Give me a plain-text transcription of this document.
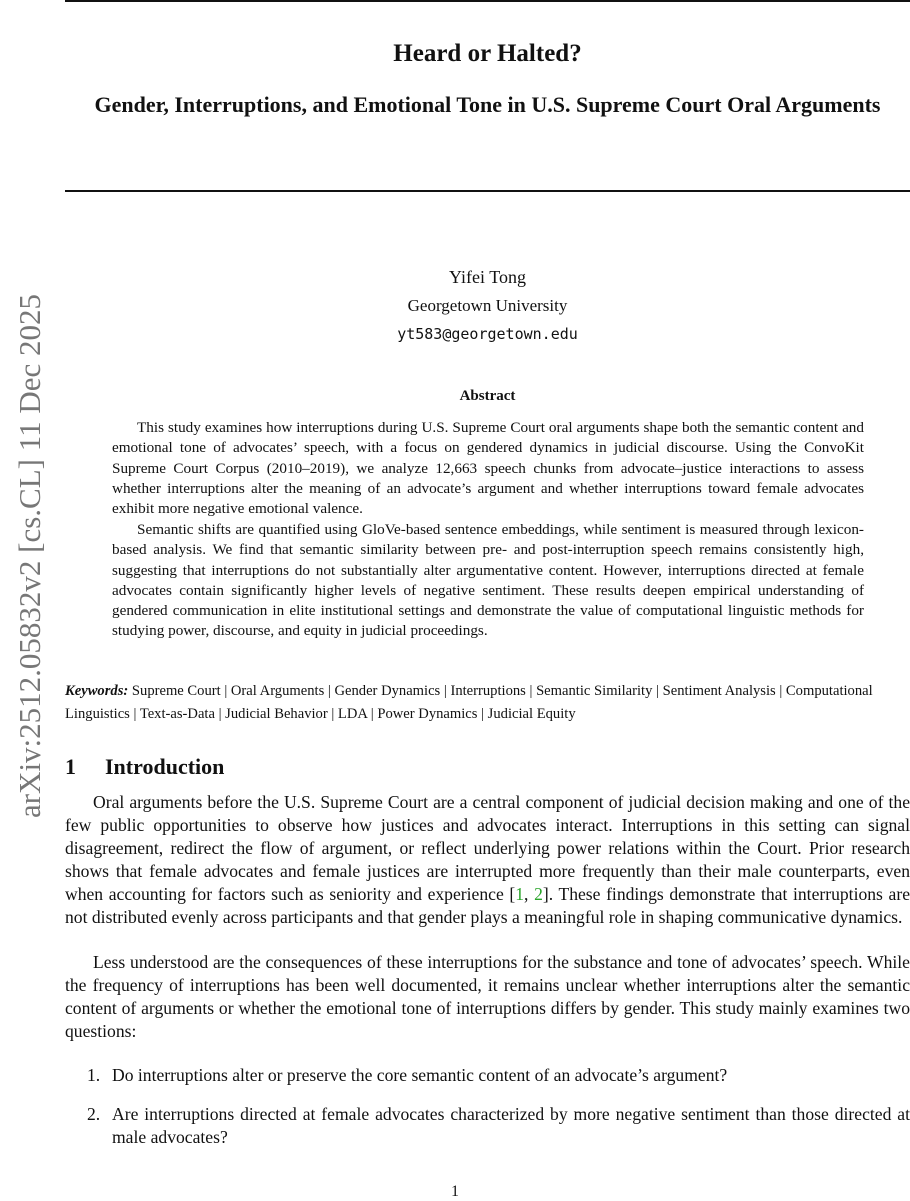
arXiv:2512.05832v2 [cs.CL] 11 Dec 2025
Heard or Halted?
Gender, Interruptions, and Emotional Tone in U.S. Supreme Court Oral Arguments
Yifei Tong
Georgetown University
yt583@georgetown.edu
Abstract
This study examines how interruptions during U.S. Supreme Court oral arguments shape both the semantic content and emotional tone of advocates’ speech, with a focus on gendered dynamics in judicial discourse. Using the ConvoKit Supreme Court Corpus (2010–2019), we analyze 12,663 speech chunks from advocate–justice interactions to assess whether interruptions alter the meaning of an advocate’s argument and whether interruptions toward female advocates exhibit more negative emotional valence.
Semantic shifts are quantified using GloVe-based sentence embeddings, while sentiment is measured through lexicon-based analysis. We find that semantic similarity between pre- and post-interruption speech remains consistently high, suggesting that interruptions do not substantially alter argumentative content. However, interruptions directed at female advocates contain significantly higher levels of negative sentiment. These results deepen empirical understanding of gendered communication in elite institutional settings and demonstrate the value of computational linguistic methods for studying power, discourse, and equity in judicial proceedings.
Keywords: Supreme Court | Oral Arguments | Gender Dynamics | Interruptions | Semantic Similarity | Sentiment Analysis | Computational Linguistics | Text-as-Data | Judicial Behavior | LDA | Power Dynamics | Judicial Equity
1 Introduction
Oral arguments before the U.S. Supreme Court are a central component of judicial decision making and one of the few public opportunities to observe how justices and advocates interact. Interruptions in this setting can signal disagreement, redirect the flow of argument, or reflect underlying power relations within the Court. Prior research shows that female advocates and female justices are interrupted more frequently than their male counterparts, even when accounting for factors such as seniority and experience [1, 2]. These findings demonstrate that interruptions are not distributed evenly across participants and that gender plays a meaningful role in shaping communicative dynamics.
Less understood are the consequences of these interruptions for the substance and tone of advocates’ speech. While the frequency of interruptions has been well documented, it remains unclear whether interruptions alter the semantic content of arguments or whether the emotional tone of interruptions differs by gender. This study mainly examines two questions:
1. Do interruptions alter or preserve the core semantic content of an advocate’s argument?
2. Are interruptions directed at female advocates characterized by more negative sentiment than those directed at male advocates?
1
